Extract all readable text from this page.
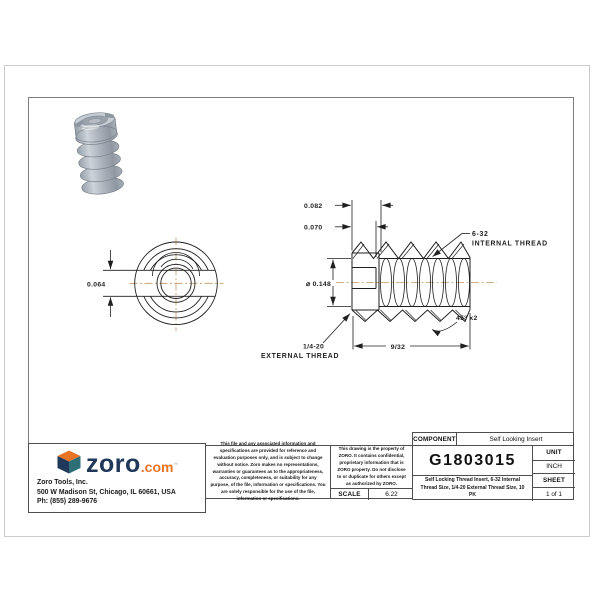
0.064
0.082
0.070
⌀ 0.148
9/32
6-32
INTERNAL THREAD
45° x2
1/4-20
EXTERNAL THREAD
zoro .com ™
Zoro Tools, Inc.
500 W Madison St, Chicago, IL 60661, USA
Ph: (855) 289-9676
This file and any associated information and specifications are provided for reference and evaluation purposes only, and is subject to change without notice. Zoro makes no representations, warranties or guarantees as to the appropriateness, accuracy, completeness, or suitability for any purpose, of the file, information or specifications. You are solely responsible for the use of the file, information or specifications.
This drawing is the property of ZORO. It contains confidential, proprietary information that is ZORO property. Do not disclose to or duplicate for others except as authorized by ZORO.
SCALE	6.22
COMPONENT	Self Looking Insert
G1803015
Self Locking Thread Insert, 6-32 Internal Thread Size, 1/4-20 External Thread Size, 10 PK
UNIT
INCH
SHEET
1 of 1
